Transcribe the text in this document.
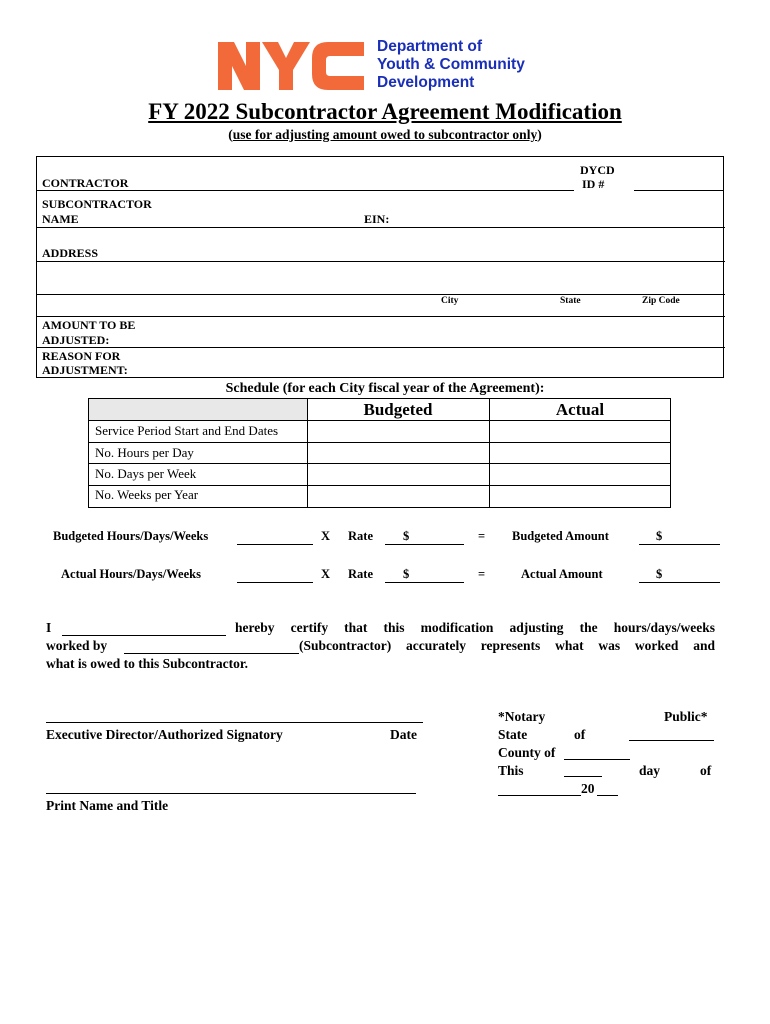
TM Department of
Youth & Community
Development
FY 2022 Subcontractor Agreement Modification
(use for adjusting amount owed to subcontractor only)
CONTRACTOR
DYCD
ID #
SUBCONTRACTOR
NAME	EIN:
ADDRESS
City	State	Zip Code
AMOUNT TO BE
ADJUSTED:
REASON FOR
ADJUSTMENT:
Schedule (for each City fiscal year of the Agreement):
Budgeted	Actual
Service Period Start and End Dates
No. Hours per Day
No. Days per Week
No. Weeks per Year
Budgeted Hours/Days/Weeks	X Rate $	= Budgeted Amount	$
Actual Hours/Days/Weeks	X Rate $	=	Actual Amount	$
I	hereby certify that this modification adjusting the hours/days/weeks
worked by	(Subcontractor) accurately represents what was worked and
what is owed to this Subcontractor.
Executive Director/Authorized Signatory	Date
Print Name and Title
*Notary	Public*
State	of
County of
This	day	of
20
